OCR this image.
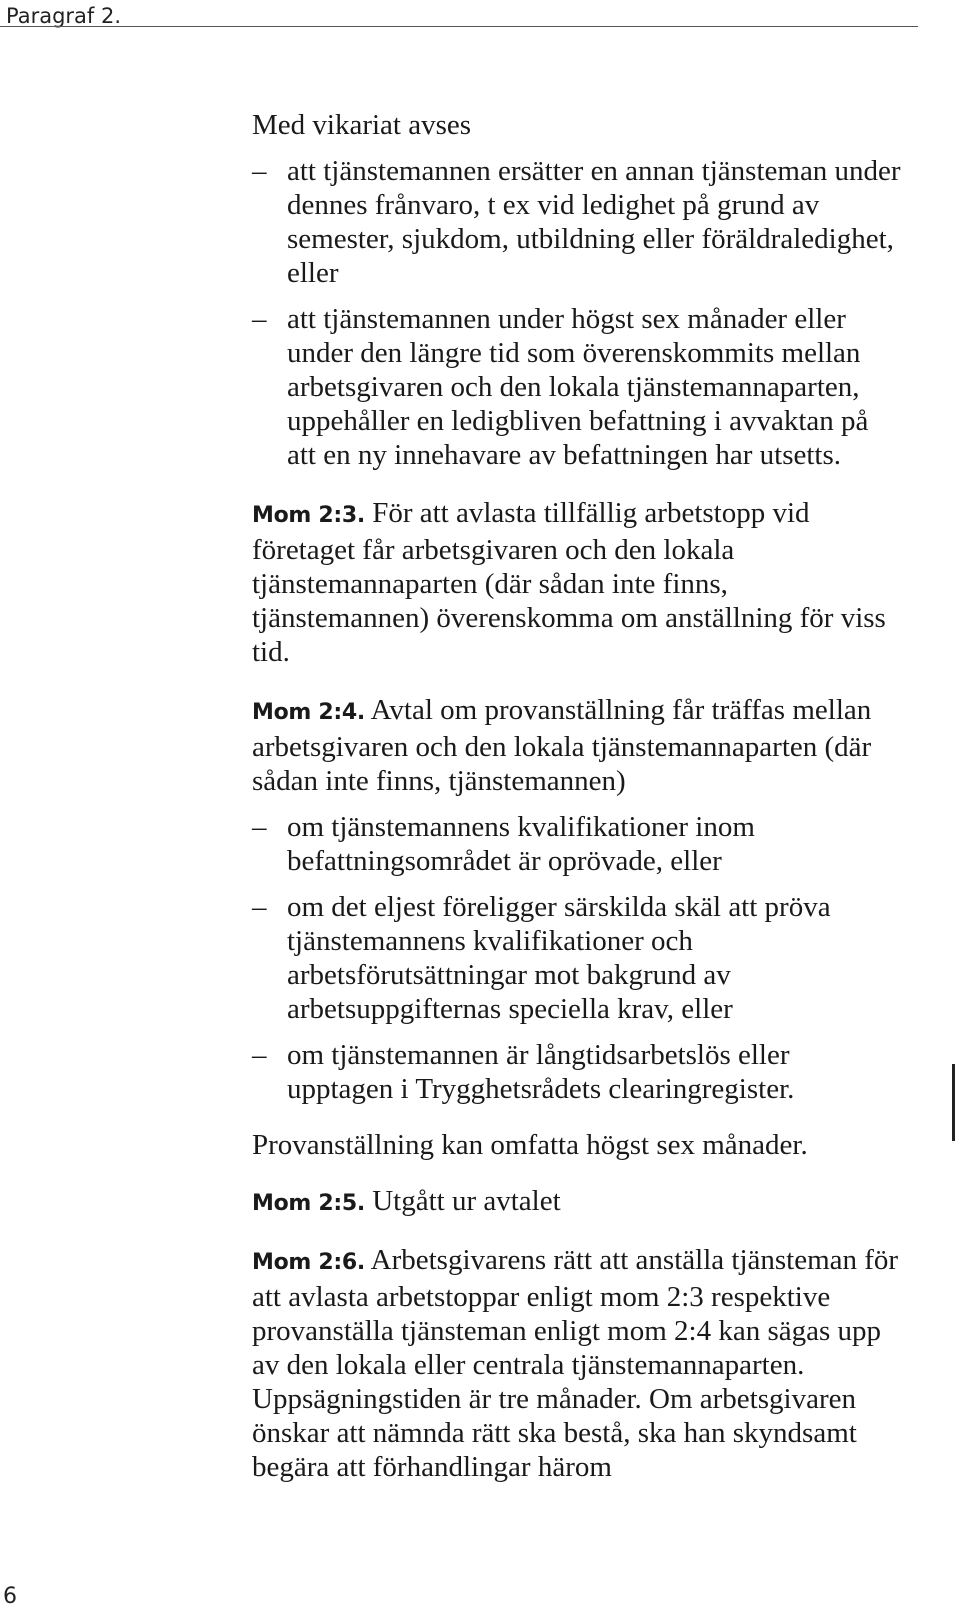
Paragraf 2.

Med vikariat avses

– att tjänstemannen ersätter en annan tjänsteman under dennes frånvaro, t ex vid ledighet på grund av semester, sjukdom, utbildning eller föräldraledighet, eller
– att tjänstemannen under högst sex månader eller under den längre tid som överenskommits mellan arbetsgivaren och den lokala tjänstemannaparten, uppehåller en ledigbliven befattning i avvaktan på att en ny innehavare av befattningen har utsetts.

Mom 2:3. För att avlasta tillfällig arbetstopp vid företaget får arbetsgivaren och den lokala tjänstemannaparten (där sådan inte finns, tjänstemannen) överenskomma om anställning för viss tid.

Mom 2:4. Avtal om provanställning får träffas mellan arbetsgivaren och den lokala tjänstemannaparten (där sådan inte finns, tjänstemannen)

– om tjänstemannens kvalifikationer inom befattningsområdet är oprövade, eller
– om det eljest föreligger särskilda skäl att pröva tjänstemannens kvalifikationer och arbetsförutsättningar mot bakgrund av arbetsuppgifternas speciella krav, eller
– om tjänstemannen är långtidsarbetslös eller upptagen i Trygghetsrådets clearingregister.

Provanställning kan omfatta högst sex månader.

Mom 2:5. Utgått ur avtalet

Mom 2:6. Arbetsgivarens rätt att anställa tjänsteman för att avlasta arbetstoppar enligt mom 2:3 respektive provanställa tjänsteman enligt mom 2:4 kan sägas upp av den lokala eller centrala tjänstemannaparten. Uppsägningstiden är tre månader. Om arbetsgivaren önskar att nämnda rätt ska bestå, ska han skyndsamt begära att förhandlingar härom

6
